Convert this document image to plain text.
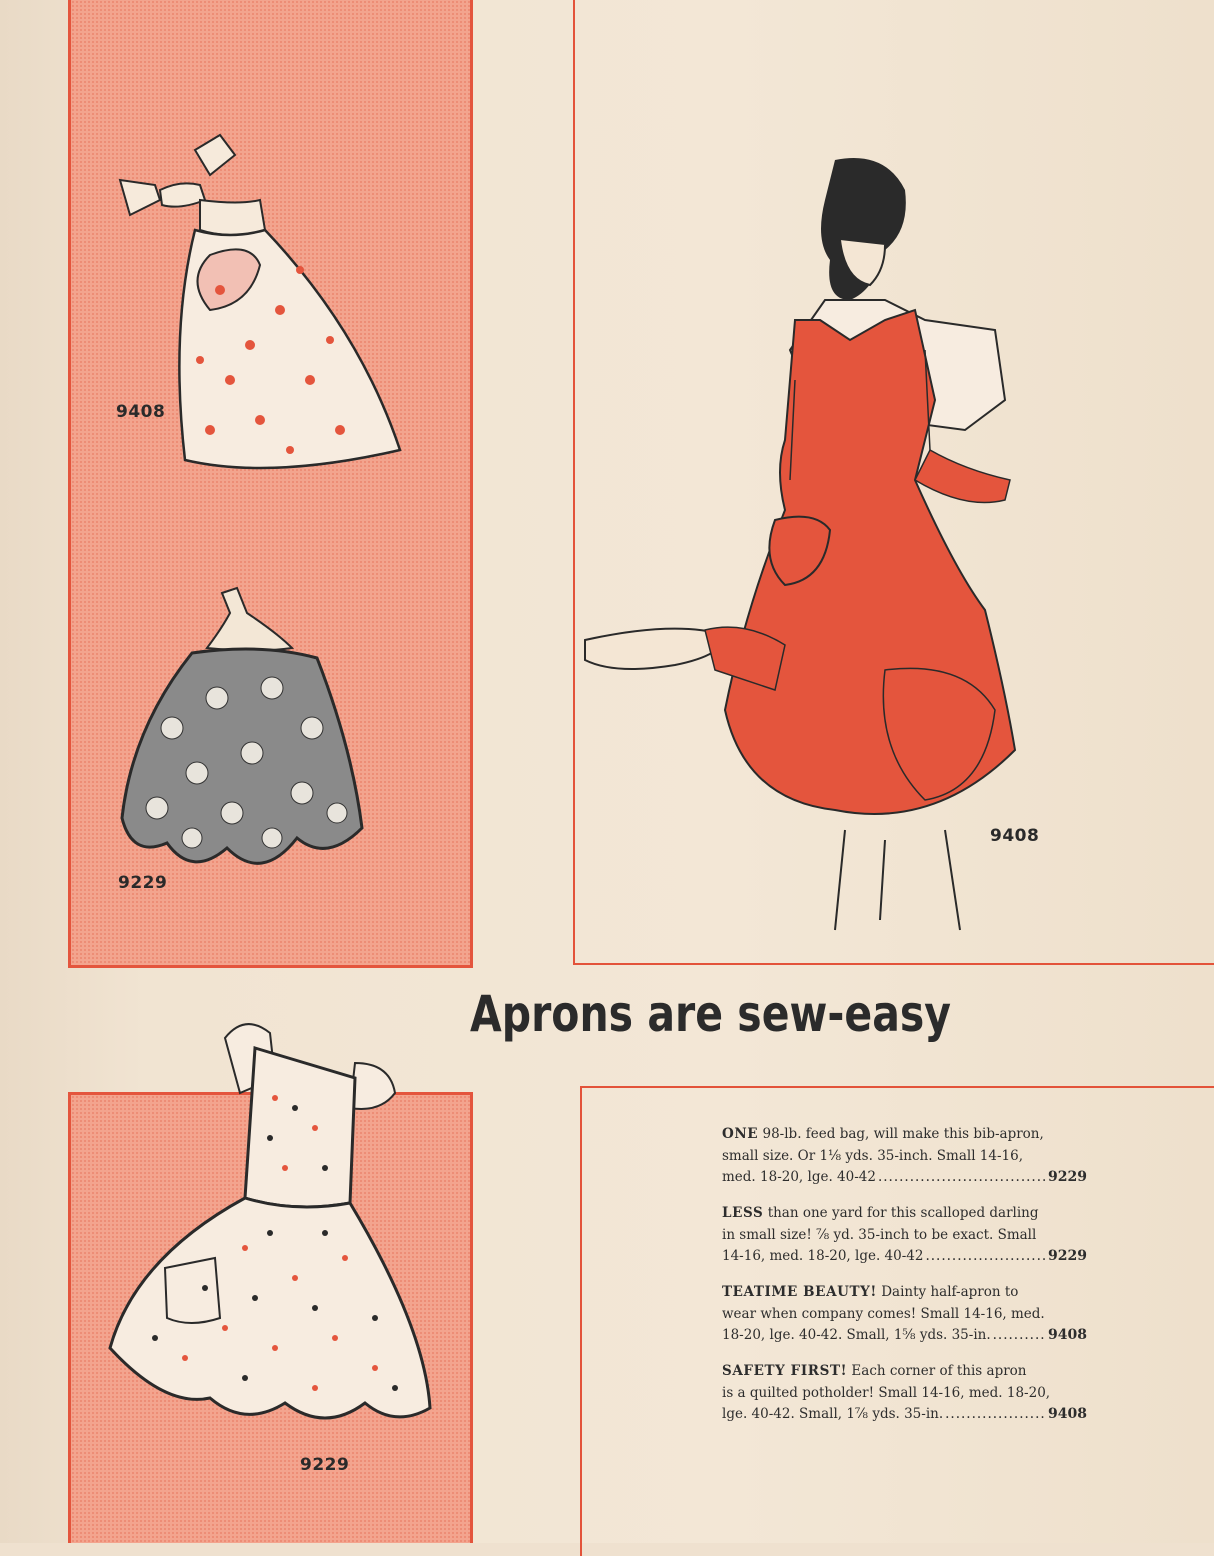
9408
9229
9229
9408
Aprons are sew-easy
ONE 98-lb. feed bag, will make this bib-apron,
small size. Or 1⅛ yds. 35-inch. Small 14-16,
med. 18-20, lge. 40-42 .....	9229
LESS than one yard for this scalloped darling
in small size! ⅞ yd. 35-inch to be exact. Small
14-16, med. 18-20, lge. 40-42 .....	9229
TEATIME BEAUTY! Dainty half-apron to
wear when company comes! Small 14-16, med.
18-20, lge. 40-42. Small, 1⅝ yds. 35-in. .....	9408
SAFETY FIRST! Each corner of this apron
is a quilted potholder! Small 14-16, med. 18-20,
lge. 40-42. Small, 1⅞ yds. 35-in. .....	9408
